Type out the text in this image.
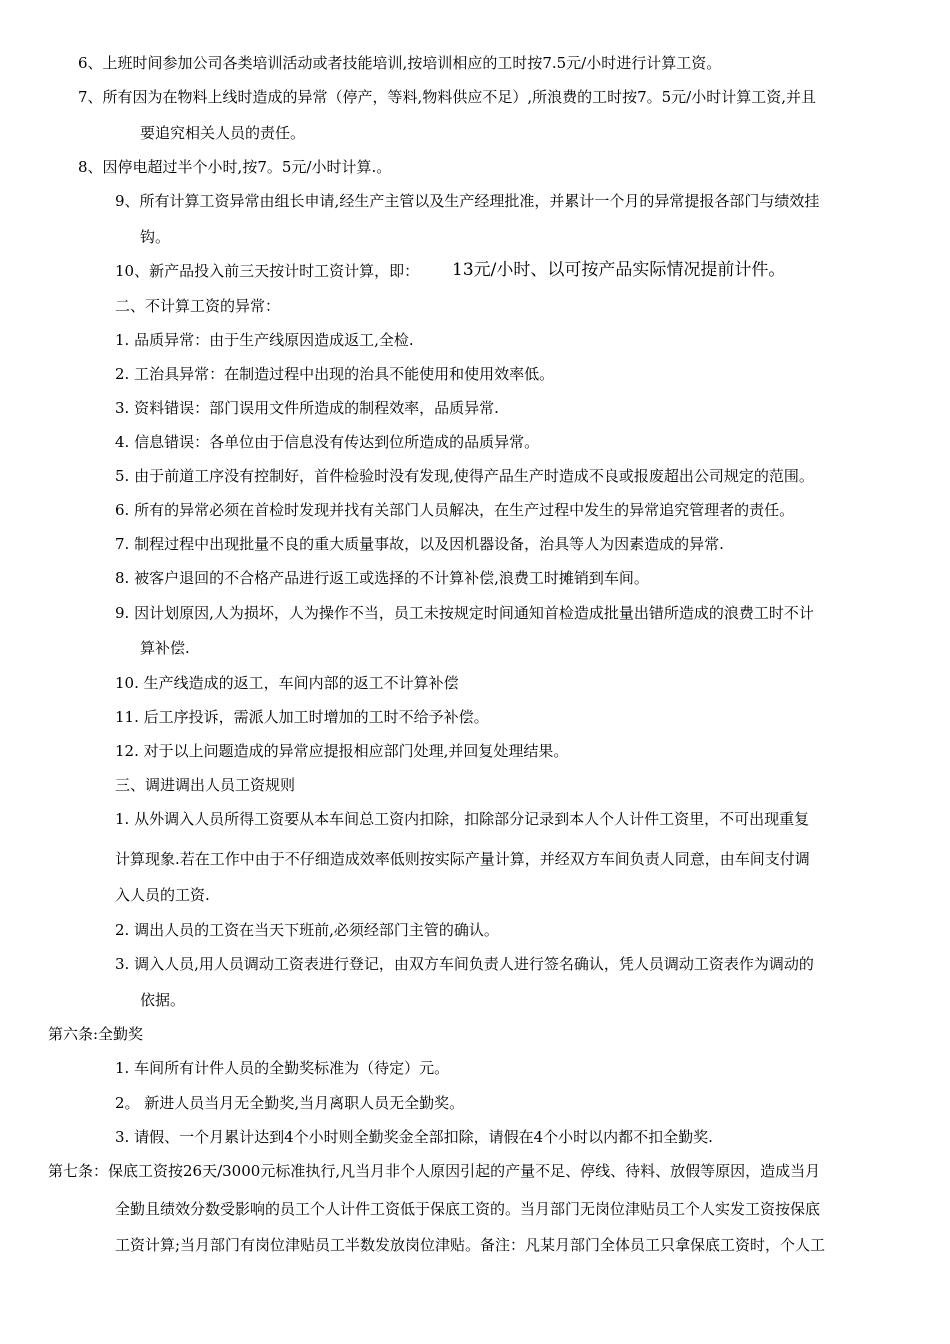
6、上班时间参加公司各类培训活动或者技能培训,按培训相应的工时按7.5元/小时进行计算工资。
7、所有因为在物料上线时造成的异常（停产，等料,物料供应不足）,所浪费的工时按7。5元/小时计算工资,并且
要追究相关人员的责任。
8、因停电超过半个小时,按7。5元/小时计算.。
9、所有计算工资异常由组长申请,经生产主管以及生产经理批准，并累计一个月的异常提报各部门与绩效挂
钩。
10、新产品投入前三天按计时工资计算，即： 13元/小时、以可按产品实际情况提前计件。
二、不计算工资的异常：
1. 品质异常：由于生产线原因造成返工,全检.
2. 工治具异常：在制造过程中出现的治具不能使用和使用效率低。
3. 资料错误：部门误用文件所造成的制程效率，品质异常.
4. 信息错误：各单位由于信息没有传达到位所造成的品质异常。
5. 由于前道工序没有控制好，首件检验时没有发现,使得产品生产时造成不良或报废超出公司规定的范围。
6. 所有的异常必须在首检时发现并找有关部门人员解决，在生产过程中发生的异常追究管理者的责任。
7. 制程过程中出现批量不良的重大质量事故，以及因机器设备，治具等人为因素造成的异常.
8. 被客户退回的不合格产品进行返工或选择的不计算补偿,浪费工时摊销到车间。
9. 因计划原因,人为损坏，人为操作不当，员工未按规定时间通知首检造成批量出错所造成的浪费工时不计
算补偿.
10. 生产线造成的返工，车间内部的返工不计算补偿
11. 后工序投诉，需派人加工时增加的工时不给予补偿。
12. 对于以上问题造成的异常应提报相应部门处理,并回复处理结果。
三、调进调出人员工资规则
1. 从外调入人员所得工资要从本车间总工资内扣除，扣除部分记录到本人个人计件工资里，不可出现重复
计算现象.若在工作中由于不仔细造成效率低则按实际产量计算，并经双方车间负责人同意，由车间支付调
入人员的工资.
2. 调出人员的工资在当天下班前,必须经部门主管的确认。
3. 调入人员,用人员调动工资表进行登记，由双方车间负责人进行签名确认，凭人员调动工资表作为调动的
依据。
第六条:全勤奖
1. 车间所有计件人员的全勤奖标准为（待定）元。
2。 新进人员当月无全勤奖,当月离职人员无全勤奖。
3. 请假、一个月累计达到4个小时则全勤奖金全部扣除，请假在4个小时以内都不扣全勤奖.
第七条：保底工资按26天/3000元标准执行,凡当月非个人原因引起的产量不足、停线、待料、放假等原因，造成当月
全勤且绩效分数受影响的员工个人计件工资低于保底工资的。当月部门无岗位津贴员工个人实发工资按保底
工资计算;当月部门有岗位津贴员工半数发放岗位津贴。备注：凡某月部门全体员工只拿保底工资时，个人工
